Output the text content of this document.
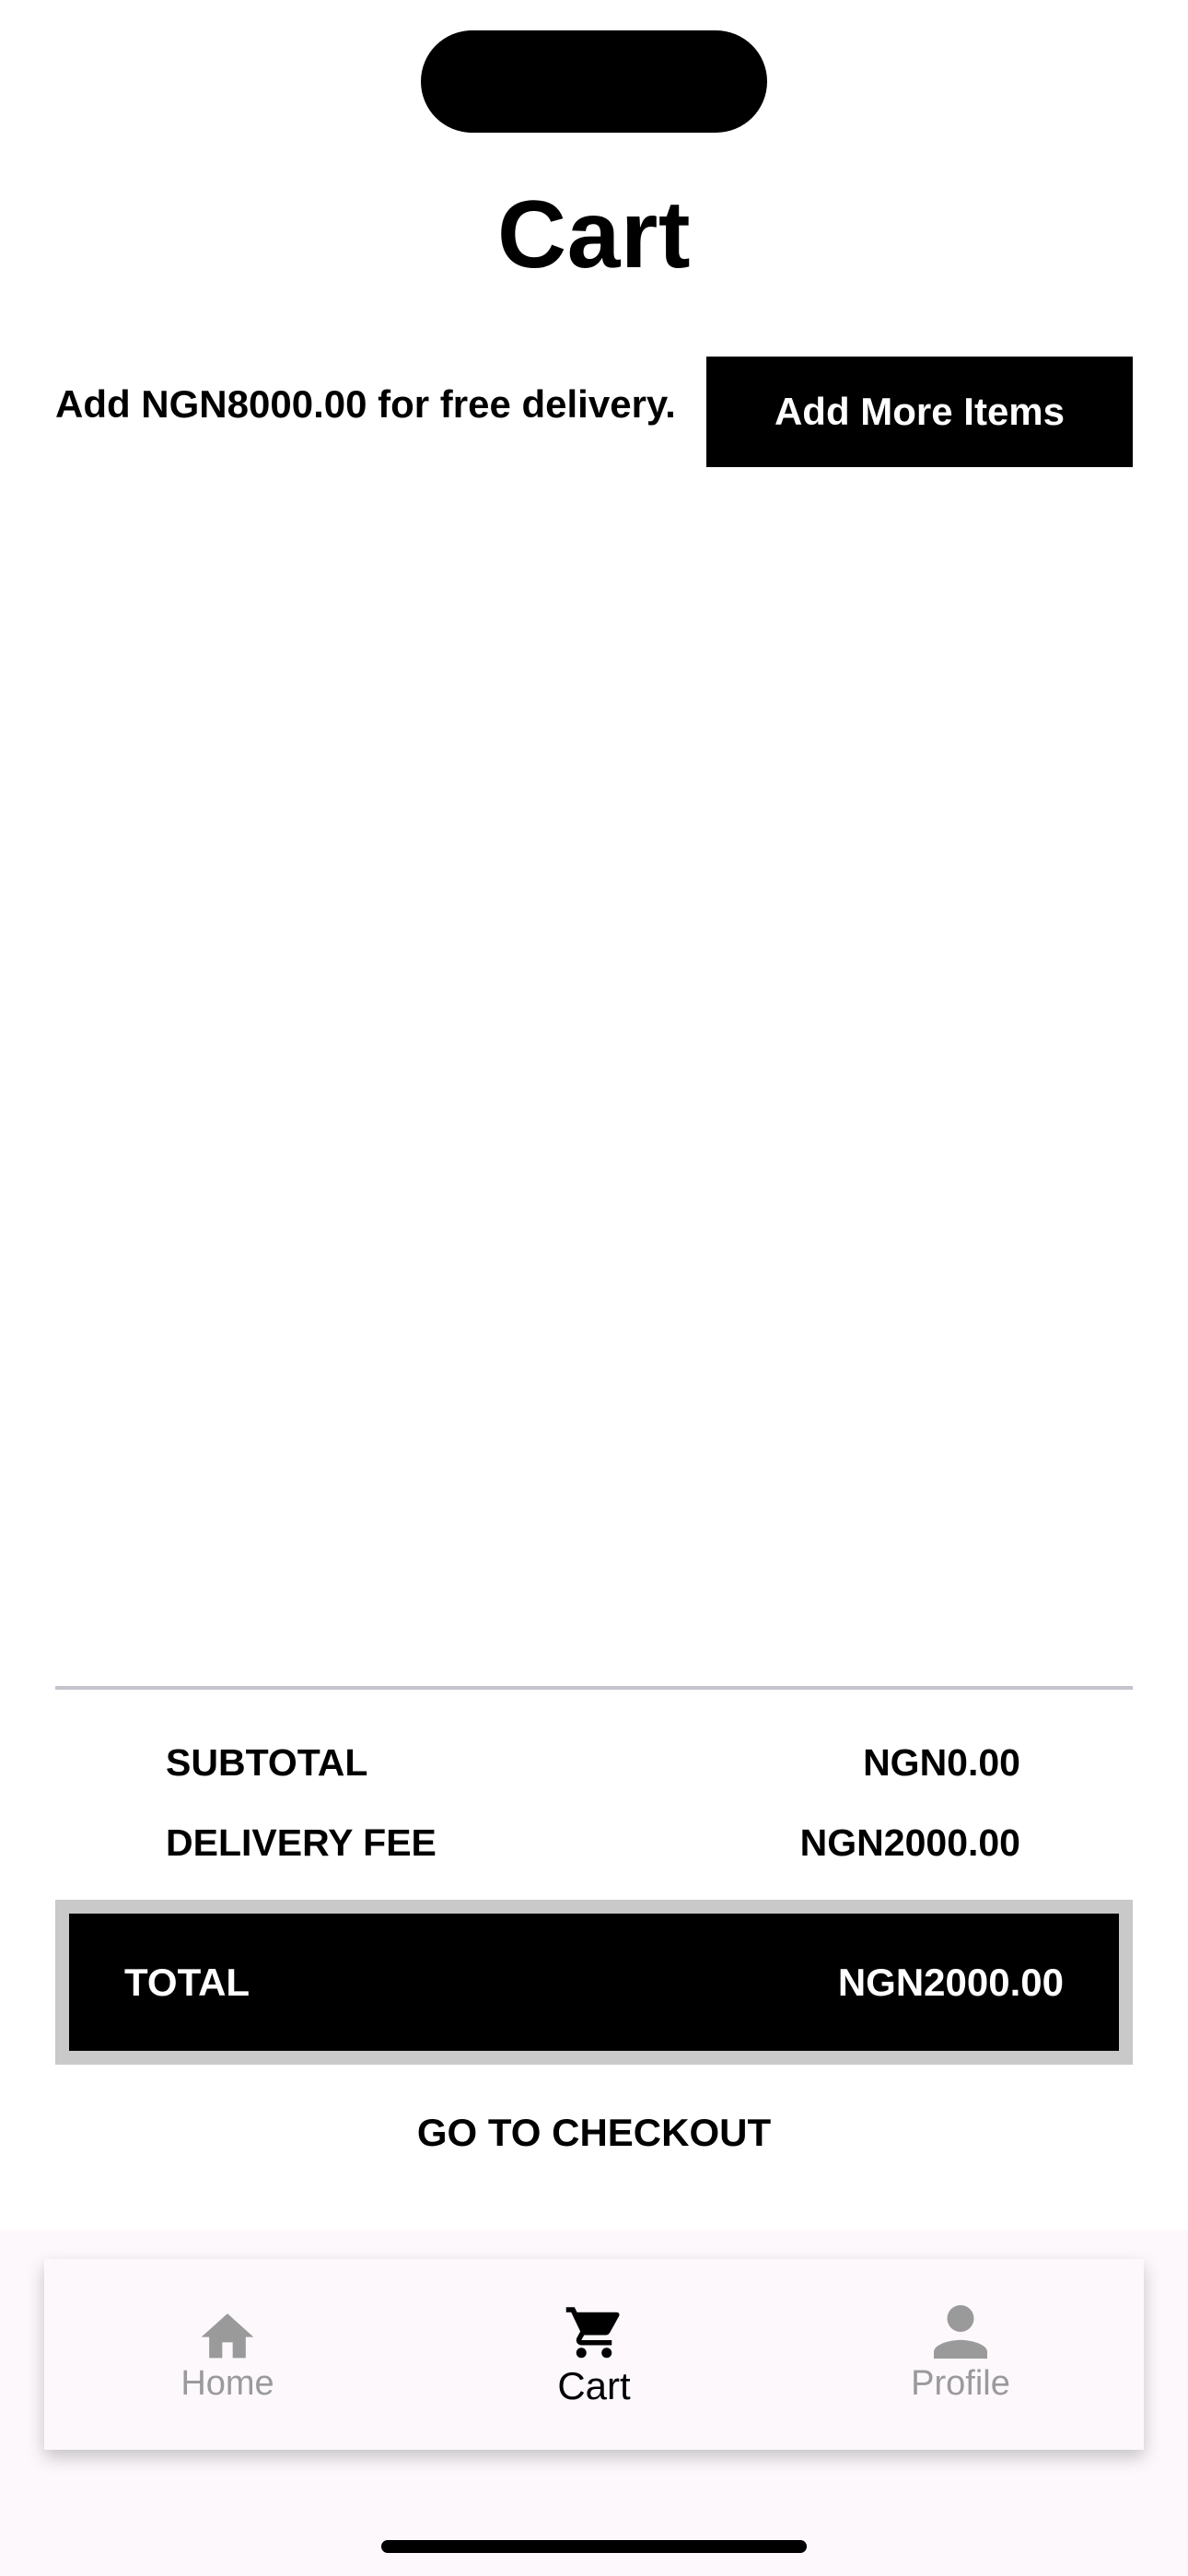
Cart
Add NGN8000.00 for free delivery.	Add More Items
SUBTOTAL	NGN0.00
DELIVERY FEE	NGN2000.00
TOTAL	NGN2000.00
GO TO CHECKOUT
Home	Cart	Profile
